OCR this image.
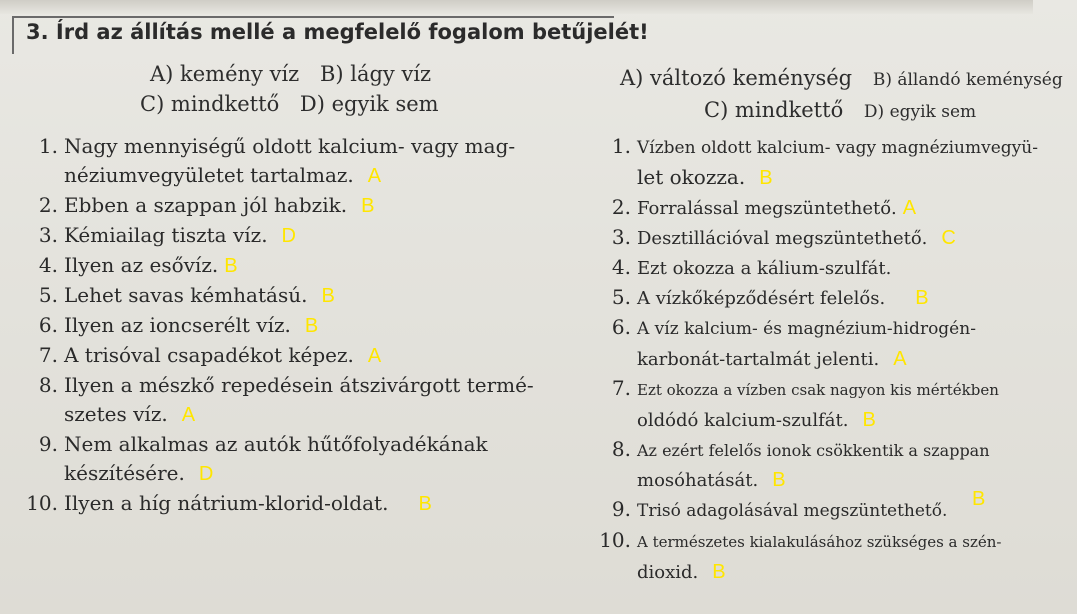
3. Írd az állítás mellé a megfelelő fogalom betűjelét!
A) kemény víz B) lágy víz
C) mindkettő D) egyik sem
A) változó keménység B) állandó keménység
C) mindkettő D) egyik sem
1. Nagy mennyiségű oldott kalcium- vagy mag-
néziumvegyületet tartalmaz. A
2. Ebben a szappan jól habzik. B
3. Kémiailag tiszta víz. D
4. Ilyen az esővíz. B
5. Lehet savas kémhatású. B
6. Ilyen az ioncserélt víz. B
7. A trisóval csapadékot képez. A
8. Ilyen a mészkő repedésein átszivárgott termé-
szetes víz. A
9. Nem alkalmas az autók hűtőfolyadékának
készítésére. D
10. Ilyen a híg nátrium-klorid-oldat. B
1. Vízben oldott kalcium- vagy magnéziumvegyü-
let okozza. B
2. Forralással megszüntethető. A
3. Desztillációval megszüntethető. C
4. Ezt okozza a kálium-szulfát.
5. A vízkőképződésért felelős. B
6. A víz kalcium- és magnézium-hidrogén-
karbonát-tartalmát jelenti. A
7. Ezt okozza a vízben csak nagyon kis mértékben
oldódó kalcium-szulfát. B
8. Az ezért felelős ionok csökkentik a szappan
mosóhatását. B
9. Trisó adagolásával megszüntethető.
10. A természetes kialakulásához szükséges a szén-
dioxid. B
B
